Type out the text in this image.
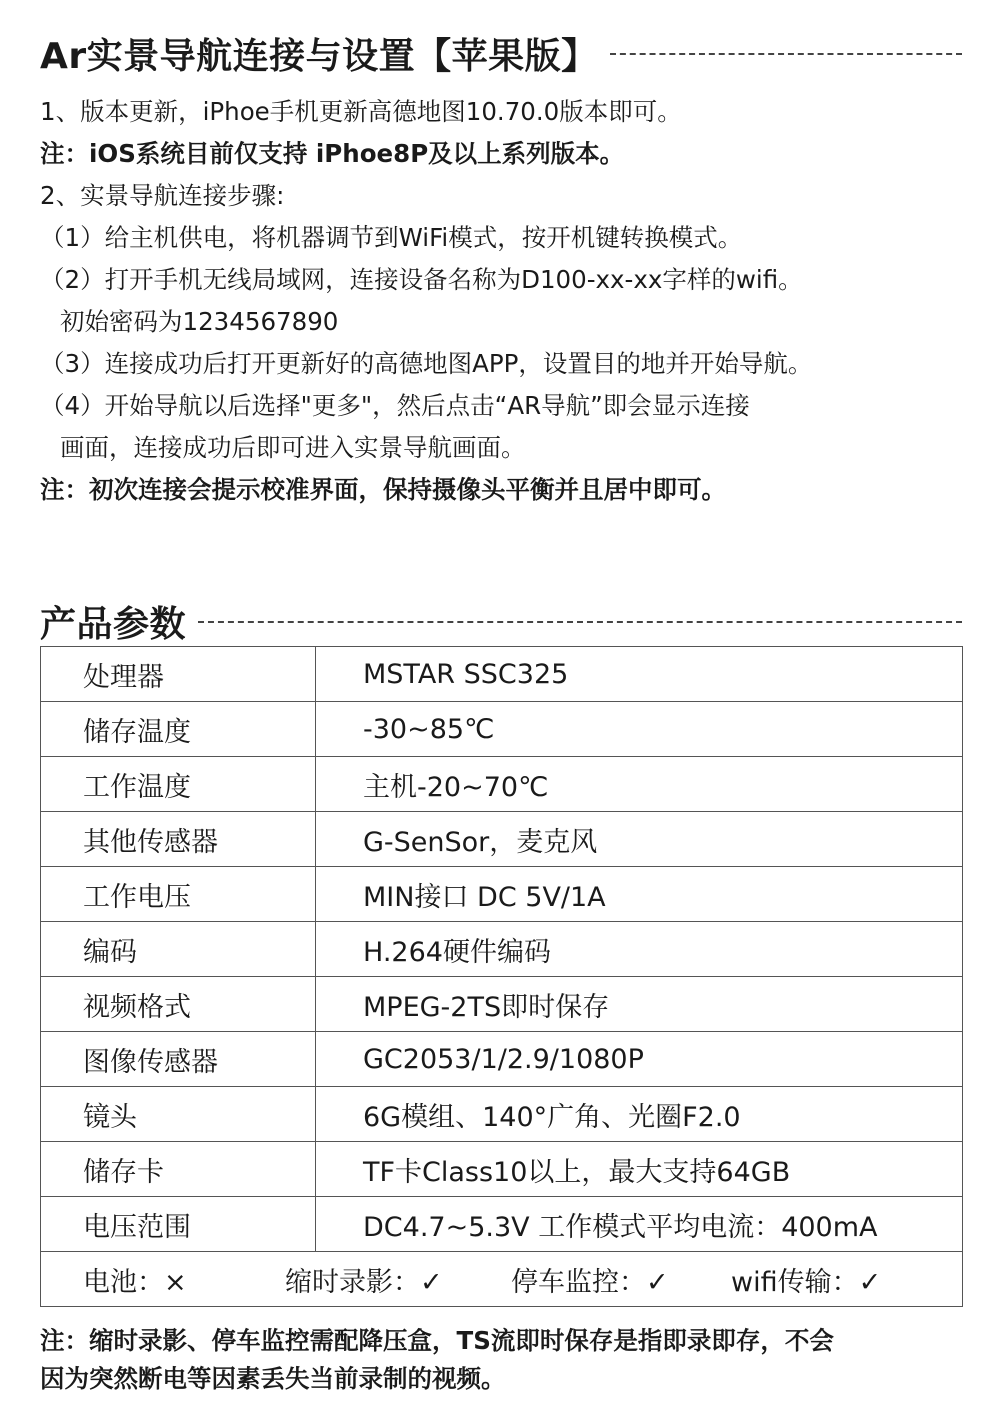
Ar实景导航连接与设置【苹果版】
1、版本更新，iPhoe手机更新高德地图10.70.0版本即可。
注：iOS系统目前仅支持 iPhoe8P及以上系列版本。
2、实景导航连接步骤:
（1）给主机供电，将机器调节到WiFi模式，按开机键转换模式。
（2）打开手机无线局域网，连接设备名称为D100-xx-xx字样的wifi。
初始密码为1234567890
（3）连接成功后打开更新好的高德地图APP，设置目的地并开始导航。
（4）开始导航以后选择"更多"，然后点击“AR导航”即会显示连接
画面，连接成功后即可进入实景导航画面。
注：初次连接会提示校准界面，保持摄像头平衡并且居中即可。
产品参数
处理器	MSTAR SSC325
储存温度	-30~85℃
工作温度	主机-20~70℃
其他传感器	G-SenSor，麦克风
工作电压	MIN接口 DC 5V/1A
编码	H.264硬件编码
视频格式	MPEG-2TS即时保存
图像传感器	GC2053/1/2.9/1080P
镜头	6G模组、140°广角、光圈F2.0
储存卡	TF卡Class10以上，最大支持64GB
电压范围	DC4.7~5.3V 工作模式平均电流：400mA

电池：× 缩时录影：✓ 停车监控：✓ wifi传输：✓	
注：缩时录影、停车监控需配降压盒，TS流即时保存是指即录即存，不会
因为突然断电等因素丢失当前录制的视频。
